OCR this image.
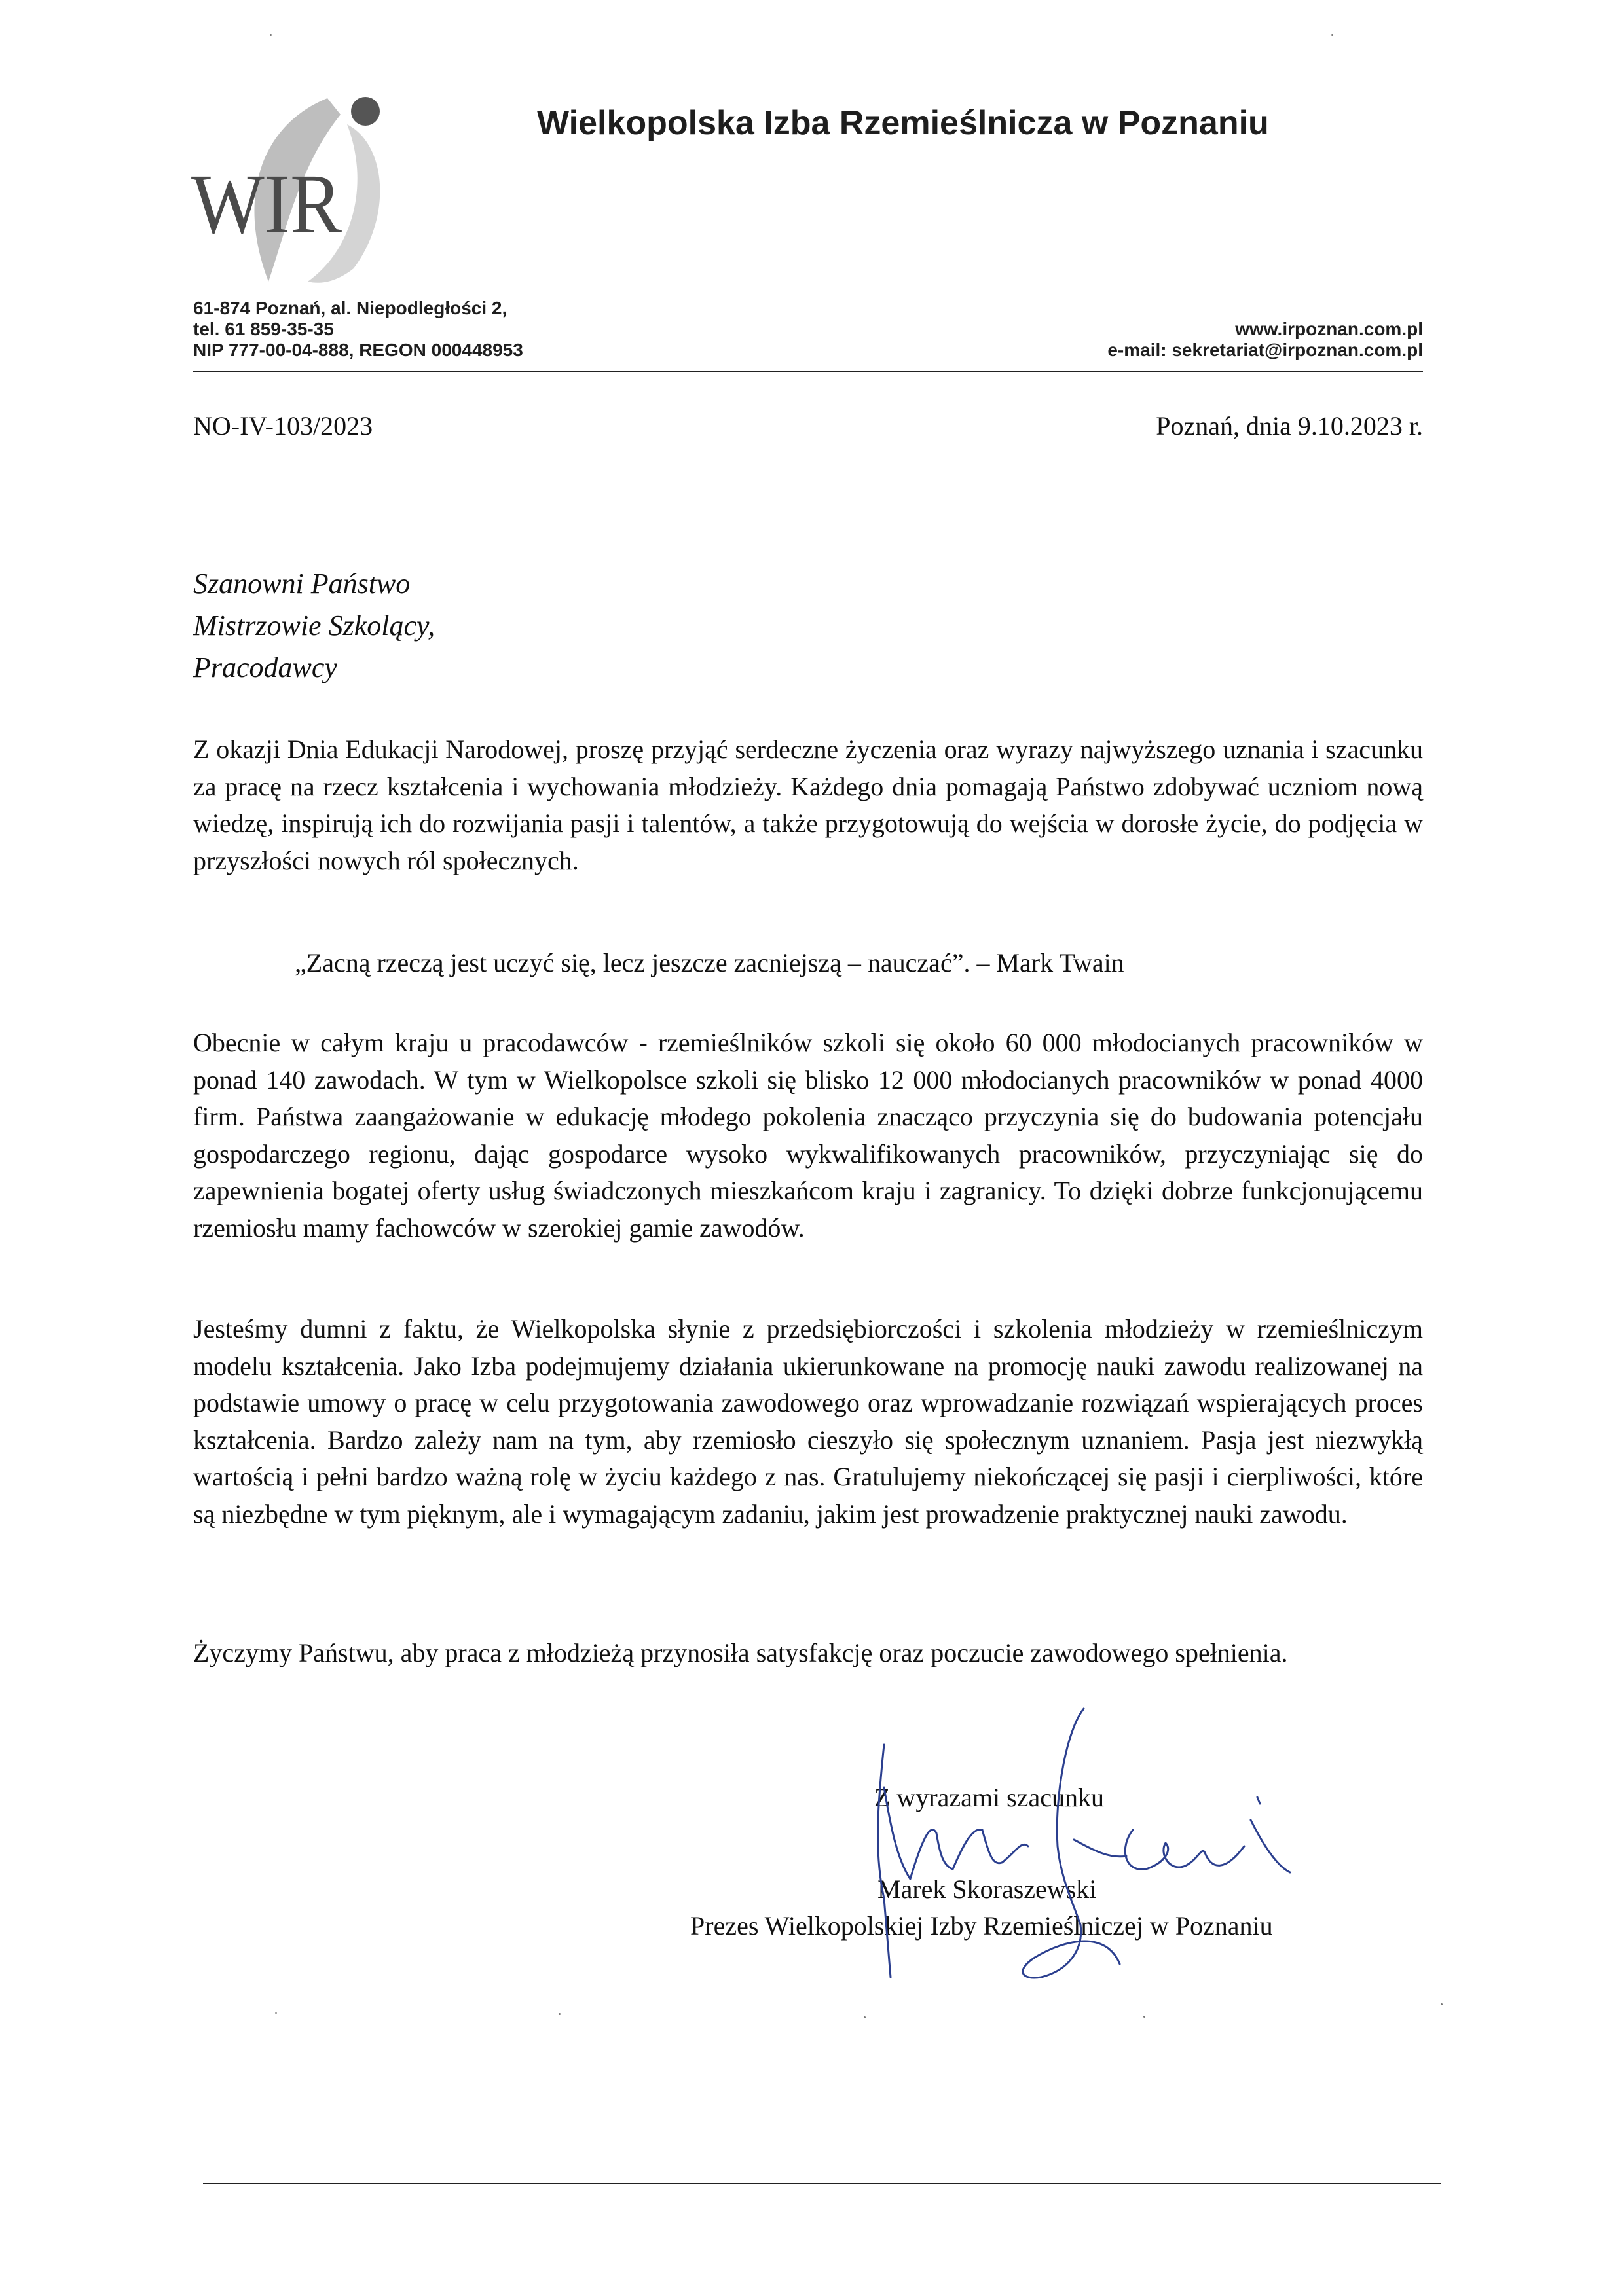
WIR
Wielkopolska Izba Rzemieślnicza w Poznaniu
61-874 Poznań, al. Niepodległości 2,
tel. 61 859-35-35
NIP 777-00-04-888, REGON 000448953
www.irpoznan.com.pl
e-mail: sekretariat@irpoznan.com.pl
NO-IV-103/2023	Poznań, dnia 9.10.2023 r.
Szanowni Państwo
Mistrzowie Szkolący,
Pracodawcy

Z okazji Dnia Edukacji Narodowej, proszę przyjąć serdeczne życzenia oraz wyrazy najwyższego uznania i szacunku za pracę na rzecz kształcenia i wychowania młodzieży. Każdego dnia pomagają Państwo zdobywać uczniom nową wiedzę, inspirują ich do rozwijania pasji i talentów, a także przygotowują do wejścia w dorosłe życie, do podjęcia w przyszłości nowych ról społecznych.

„Zacną rzeczą jest uczyć się, lecz jeszcze zacniejszą – nauczać”. – Mark Twain

Obecnie w całym kraju u pracodawców - rzemieślników szkoli się około 60 000 młodocianych pracowników w ponad 140 zawodach. W tym w Wielkopolsce szkoli się blisko 12 000 młodocianych pracowników w ponad 4000 firm. Państwa zaangażowanie w edukację młodego pokolenia znacząco przyczynia się do budowania potencjału gospodarczego regionu, dając gospodarce wysoko wykwalifikowanych pracowników, przyczyniając się do zapewnienia bogatej oferty usług świadczonych mieszkańcom kraju i zagranicy. To dzięki dobrze funkcjonującemu rzemiosłu mamy fachowców w szerokiej gamie zawodów.

Jesteśmy dumni z faktu, że Wielkopolska słynie z przedsiębiorczości i szkolenia młodzieży w rzemieślniczym modelu kształcenia. Jako Izba podejmujemy działania ukierunkowane na promocję nauki zawodu realizowanej na podstawie umowy o pracę w celu przygotowania zawodowego oraz wprowadzanie rozwiązań wspierających proces kształcenia. Bardzo zależy nam na tym, aby rzemiosło cieszyło się społecznym uznaniem. Pasja jest niezwykłą wartością i pełni bardzo ważną rolę w życiu każdego z nas. Gratulujemy niekończącej się pasji i cierpliwości, które są niezbędne w tym pięknym, ale i wymagającym zadaniu, jakim jest prowadzenie praktycznej nauki zawodu.

Życzymy Państwu, aby praca z młodzieżą przynosiła satysfakcję oraz poczucie zawodowego spełnienia.

Z wyrazami szacunku
Marek Skoraszewski
Prezes Wielkopolskiej Izby Rzemieślniczej w Poznaniu
